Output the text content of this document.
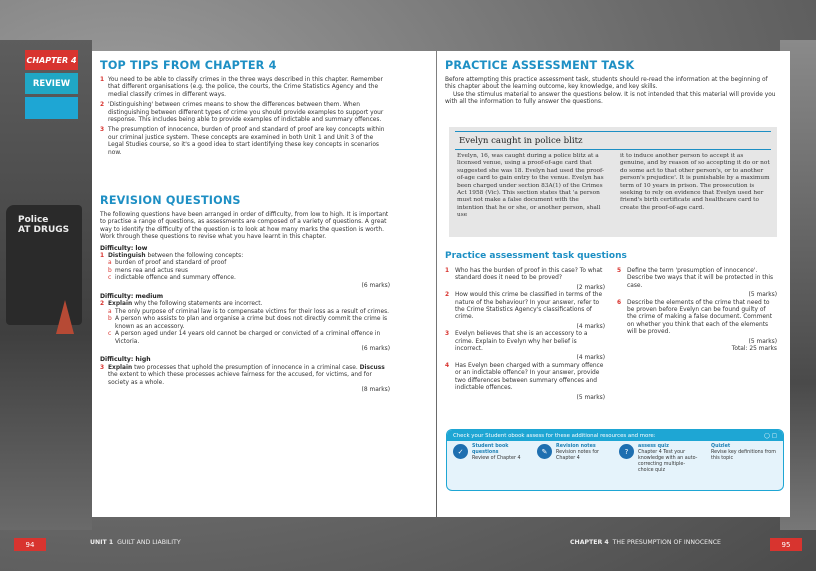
Police
AT DRUGS
CHAPTER 4
REVIEW
TOP TIPS FROM CHAPTER 4
1 You need to be able to classify crimes in the three ways described in this chapter. Remember that different organisations (e.g. the police, the courts, the Crime Statistics Agency and the medial classify crimes in different ways.
2 'Distinguishing' between crimes means to show the differences between them. When distinguishing between different types of crime you should provide examples to support your response. This includes being able to provide examples of indictable and summary offences.
3 The presumption of innocence, burden of proof and standard of proof are key concepts within our criminal justice system. These concepts are examined in both Unit 1 and Unit 3 of the Legal Studies course, so it's a good idea to start identifying these key concepts in scenarios now.
REVISION QUESTIONS
The following questions have been arranged in order of difficulty, from low to high. It is important to practise a range of questions, as assessments are composed of a variety of questions. A great way to identify the difficulty of the question is to look at how many marks the question is worth. Work through these questions to revise what you have learnt in this chapter.
Difficulty: low
1 Distinguish between the following concepts:
a burden of proof and standard of proof
b mens rea and actus reus
c indictable offence and summary offence.
(6 marks)
Difficulty: medium
2 Explain why the following statements are incorrect.
a The only purpose of criminal law is to compensate victims for their loss as a result of crimes.
b A person who assists to plan and organise a crime but does not directly commit the crime is known as an accessory.
c A person aged under 14 years old cannot be charged or convicted of a criminal offence in Victoria.
(6 marks)
Difficulty: high
3 Explain two processes that uphold the presumption of innocence in a criminal case. Discuss the extent to which these processes achieve fairness for the accused, for victims, and for society as a whole.
(8 marks)
PRACTICE ASSESSMENT TASK
Before attempting this practice assessment task, students should re-read the information at the beginning of this chapter about the learning outcome, key knowledge, and key skills.
Use the stimulus material to answer the questions below. It is not intended that this material will provide you with all the information to fully answer the questions.
Evelyn caught in police blitz
Evelyn, 16, was caught during a police blitz at a licensed venue, using a proof-of-age card that suggested she was 18. Evelyn had used the proof-of-age card to gain entry to the venue. Evelyn has been charged under section 83A(1) of the Crimes Act 1958 (Vic). This section states that 'a person must not make a false document with the intention that he or she, or another person, shall use
it to induce another person to accept it as genuine, and by reason of so accepting it do or not do some act to that other person's, or to another person's prejudice'. It is punishable by a maximum term of 10 years in prison. The prosecution is seeking to rely on evidence that Evelyn used her friend's birth certificate and healthcare card to create the proof-of-age card.
Practice assessment task questions
1 Who has the burden of proof in this case? To what standard does it need to be proved?
(2 marks)
2 How would this crime be classified in terms of the nature of the behaviour? In your answer, refer to the Crime Statistics Agency's classifications of crime.
(4 marks)
3 Evelyn believes that she is an accessory to a crime. Explain to Evelyn why her belief is incorrect.
(4 marks)
4 Has Evelyn been charged with a summary offence or an indictable offence? In your answer, provide two differences between summary offences and indictable offences.
(5 marks)
5 Define the term 'presumption of innocence'. Describe two ways that it will be protected in this case.
(5 marks)
6 Describe the elements of the crime that need to be proven before Evelyn can be found guilty of the crime of making a false document. Comment on whether you think that each of the elements will be proved.
(5 marks)
Total: 25 marks
Check your Student obook assess for these additional resources and more:	◯ □
✓
Student book questions
Review of Chapter 4
✎
Revision notes
Revision notes for Chapter 4
?
assess quiz
Chapter 4 Test your knowledge with an auto-correcting multiple-choice quiz
Quizlet
Revise key definitions from this topic
94	UNIT 1 GUILT AND LIABILITY	CHAPTER 4 THE PRESUMPTION OF INNOCENCE	95
